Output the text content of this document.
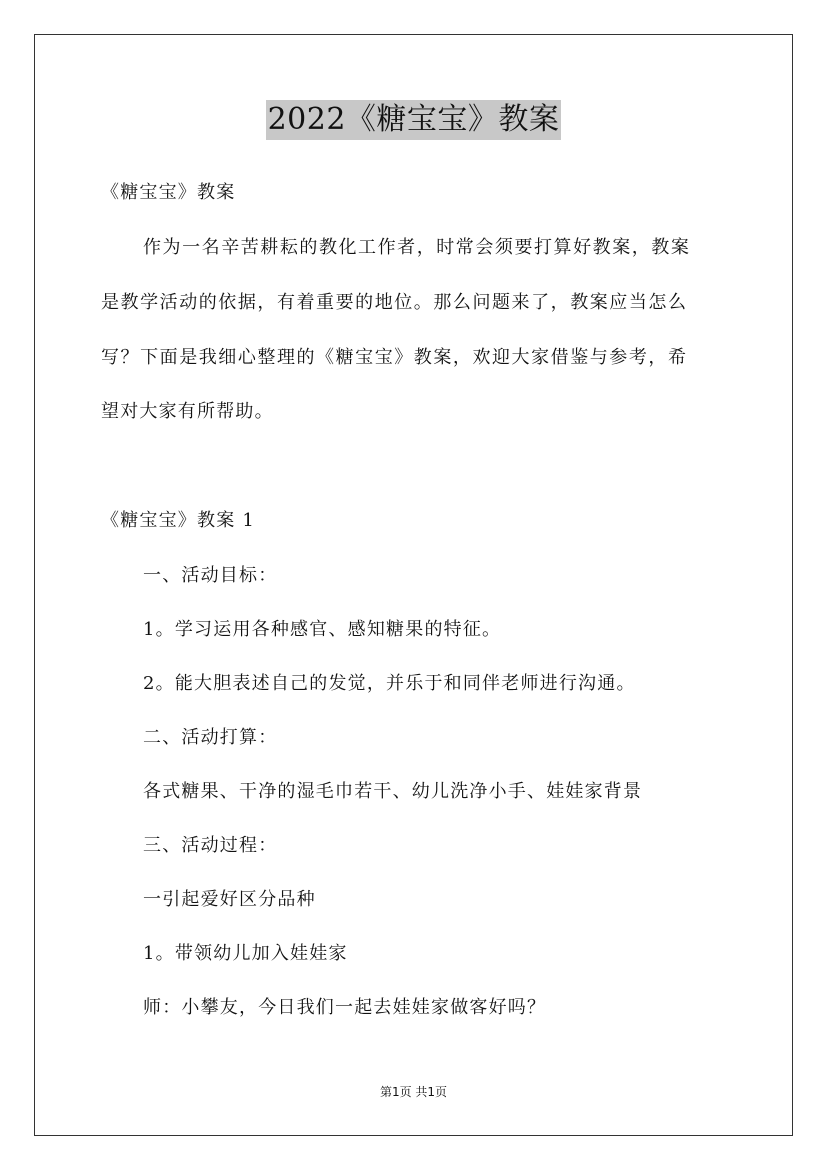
2022《糖宝宝》教案
《糖宝宝》教案
作为一名辛苦耕耘的教化工作者，时常会须要打算好教案，教案
是教学活动的依据，有着重要的地位。那么问题来了，教案应当怎么
写？下面是我细心整理的《糖宝宝》教案，欢迎大家借鉴与参考，希
望对大家有所帮助。
《糖宝宝》教案 1
一、活动目标：
1。学习运用各种感官、感知糖果的特征。
2。能大胆表述自己的发觉，并乐于和同伴老师进行沟通。
二、活动打算：
各式糖果、干净的湿毛巾若干、幼儿洗净小手、娃娃家背景
三、活动过程：
一引起爱好区分品种
1。带领幼儿加入娃娃家
师：小攀友，今日我们一起去娃娃家做客好吗？
第1页 共1页
